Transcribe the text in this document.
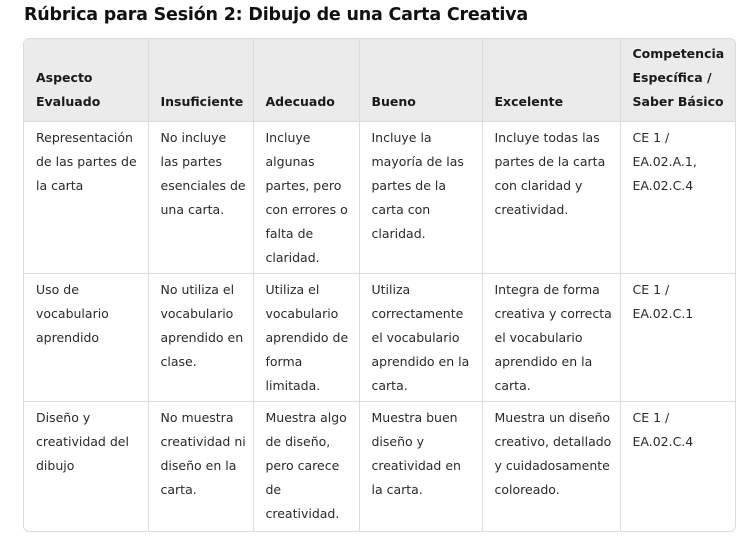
Rúbrica para Sesión 2: Dibujo de una Carta Creativa
Aspecto Evaluado	Insuficiente	Adecuado	Bueno	Excelente	Competencia Específica / Saber Básico
Representación de las partes de la carta	No incluye las partes esenciales de una carta.	Incluye algunas partes, pero con errores o falta de claridad.	Incluye la mayoría de las partes de la carta con claridad.	Incluye todas las partes de la carta con claridad y creatividad.	CE 1 / EA.02.A.1, EA.02.C.4
Uso de vocabulario aprendido	No utiliza el vocabulario aprendido en clase.	Utiliza el vocabulario aprendido de forma limitada.	Utiliza correctamente el vocabulario aprendido en la carta.	Integra de forma creativa y correcta el vocabulario aprendido en la carta.	CE 1 / EA.02.C.1
Diseño y creatividad del dibujo	No muestra creatividad ni diseño en la carta.	Muestra algo de diseño, pero carece de creatividad.	Muestra buen diseño y creatividad en la carta.	Muestra un diseño creativo, detallado y cuidadosamente coloreado.	CE 1 / EA.02.C.4
